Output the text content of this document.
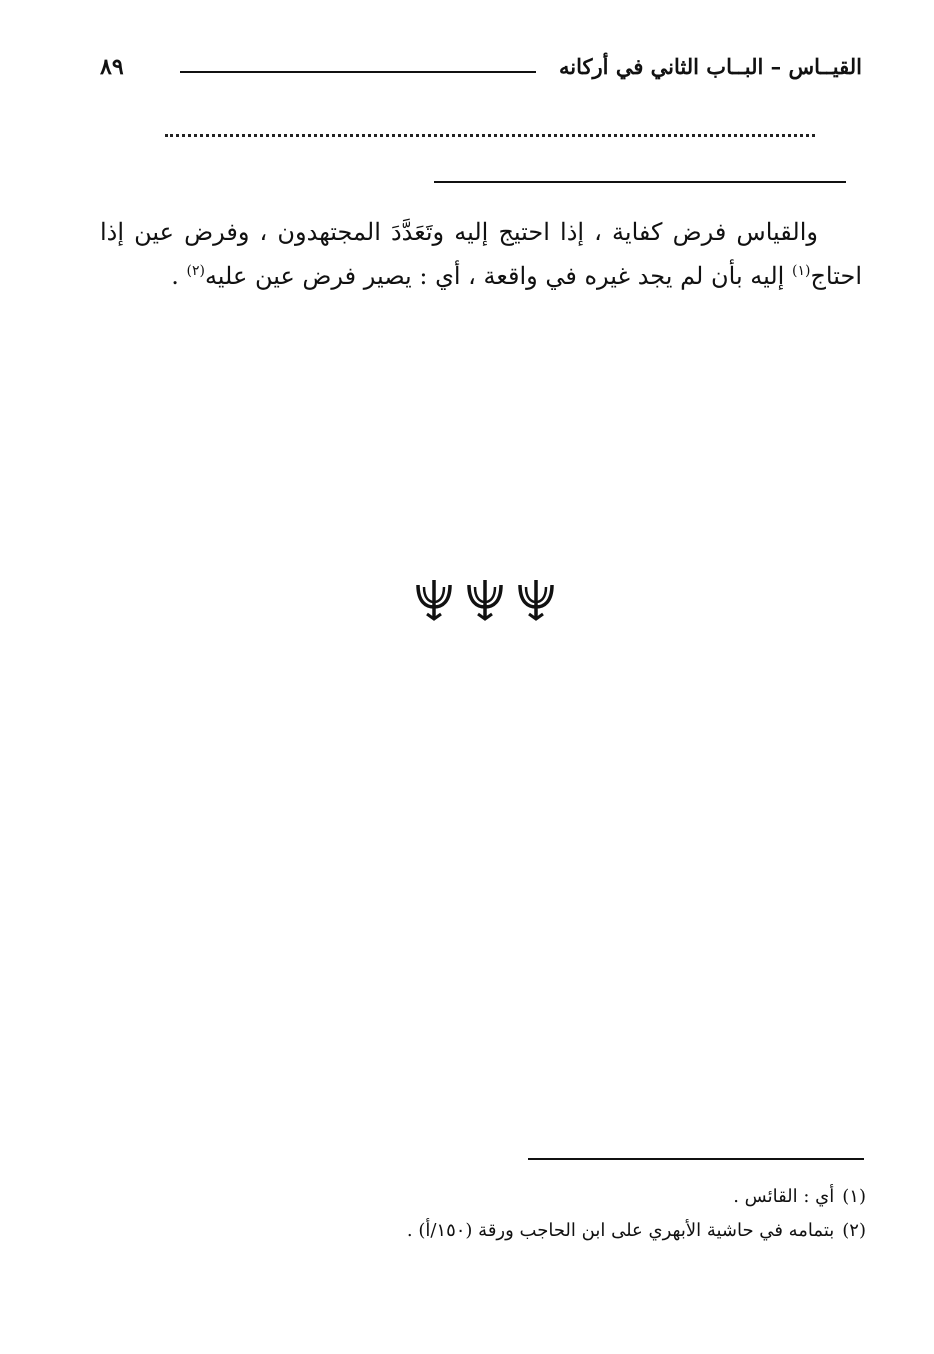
القيــاس – البــاب الثاني في أركانه
٨٩

والقياس فرض كفاية ، إذا احتيج إليه وتَعَدَّدَ المجتهدون ، وفرض عين إذا احتاج$^{(١)}$ إليه بأن لم يجد غيره في واقعة ، أي : يصير فرض عين عليه$^{(٢)}$ .

(١)أي : القائس .
(٢)بتمامه في حاشية الأبهري على ابن الحاجب ورقة (١٥٠/أ) .
